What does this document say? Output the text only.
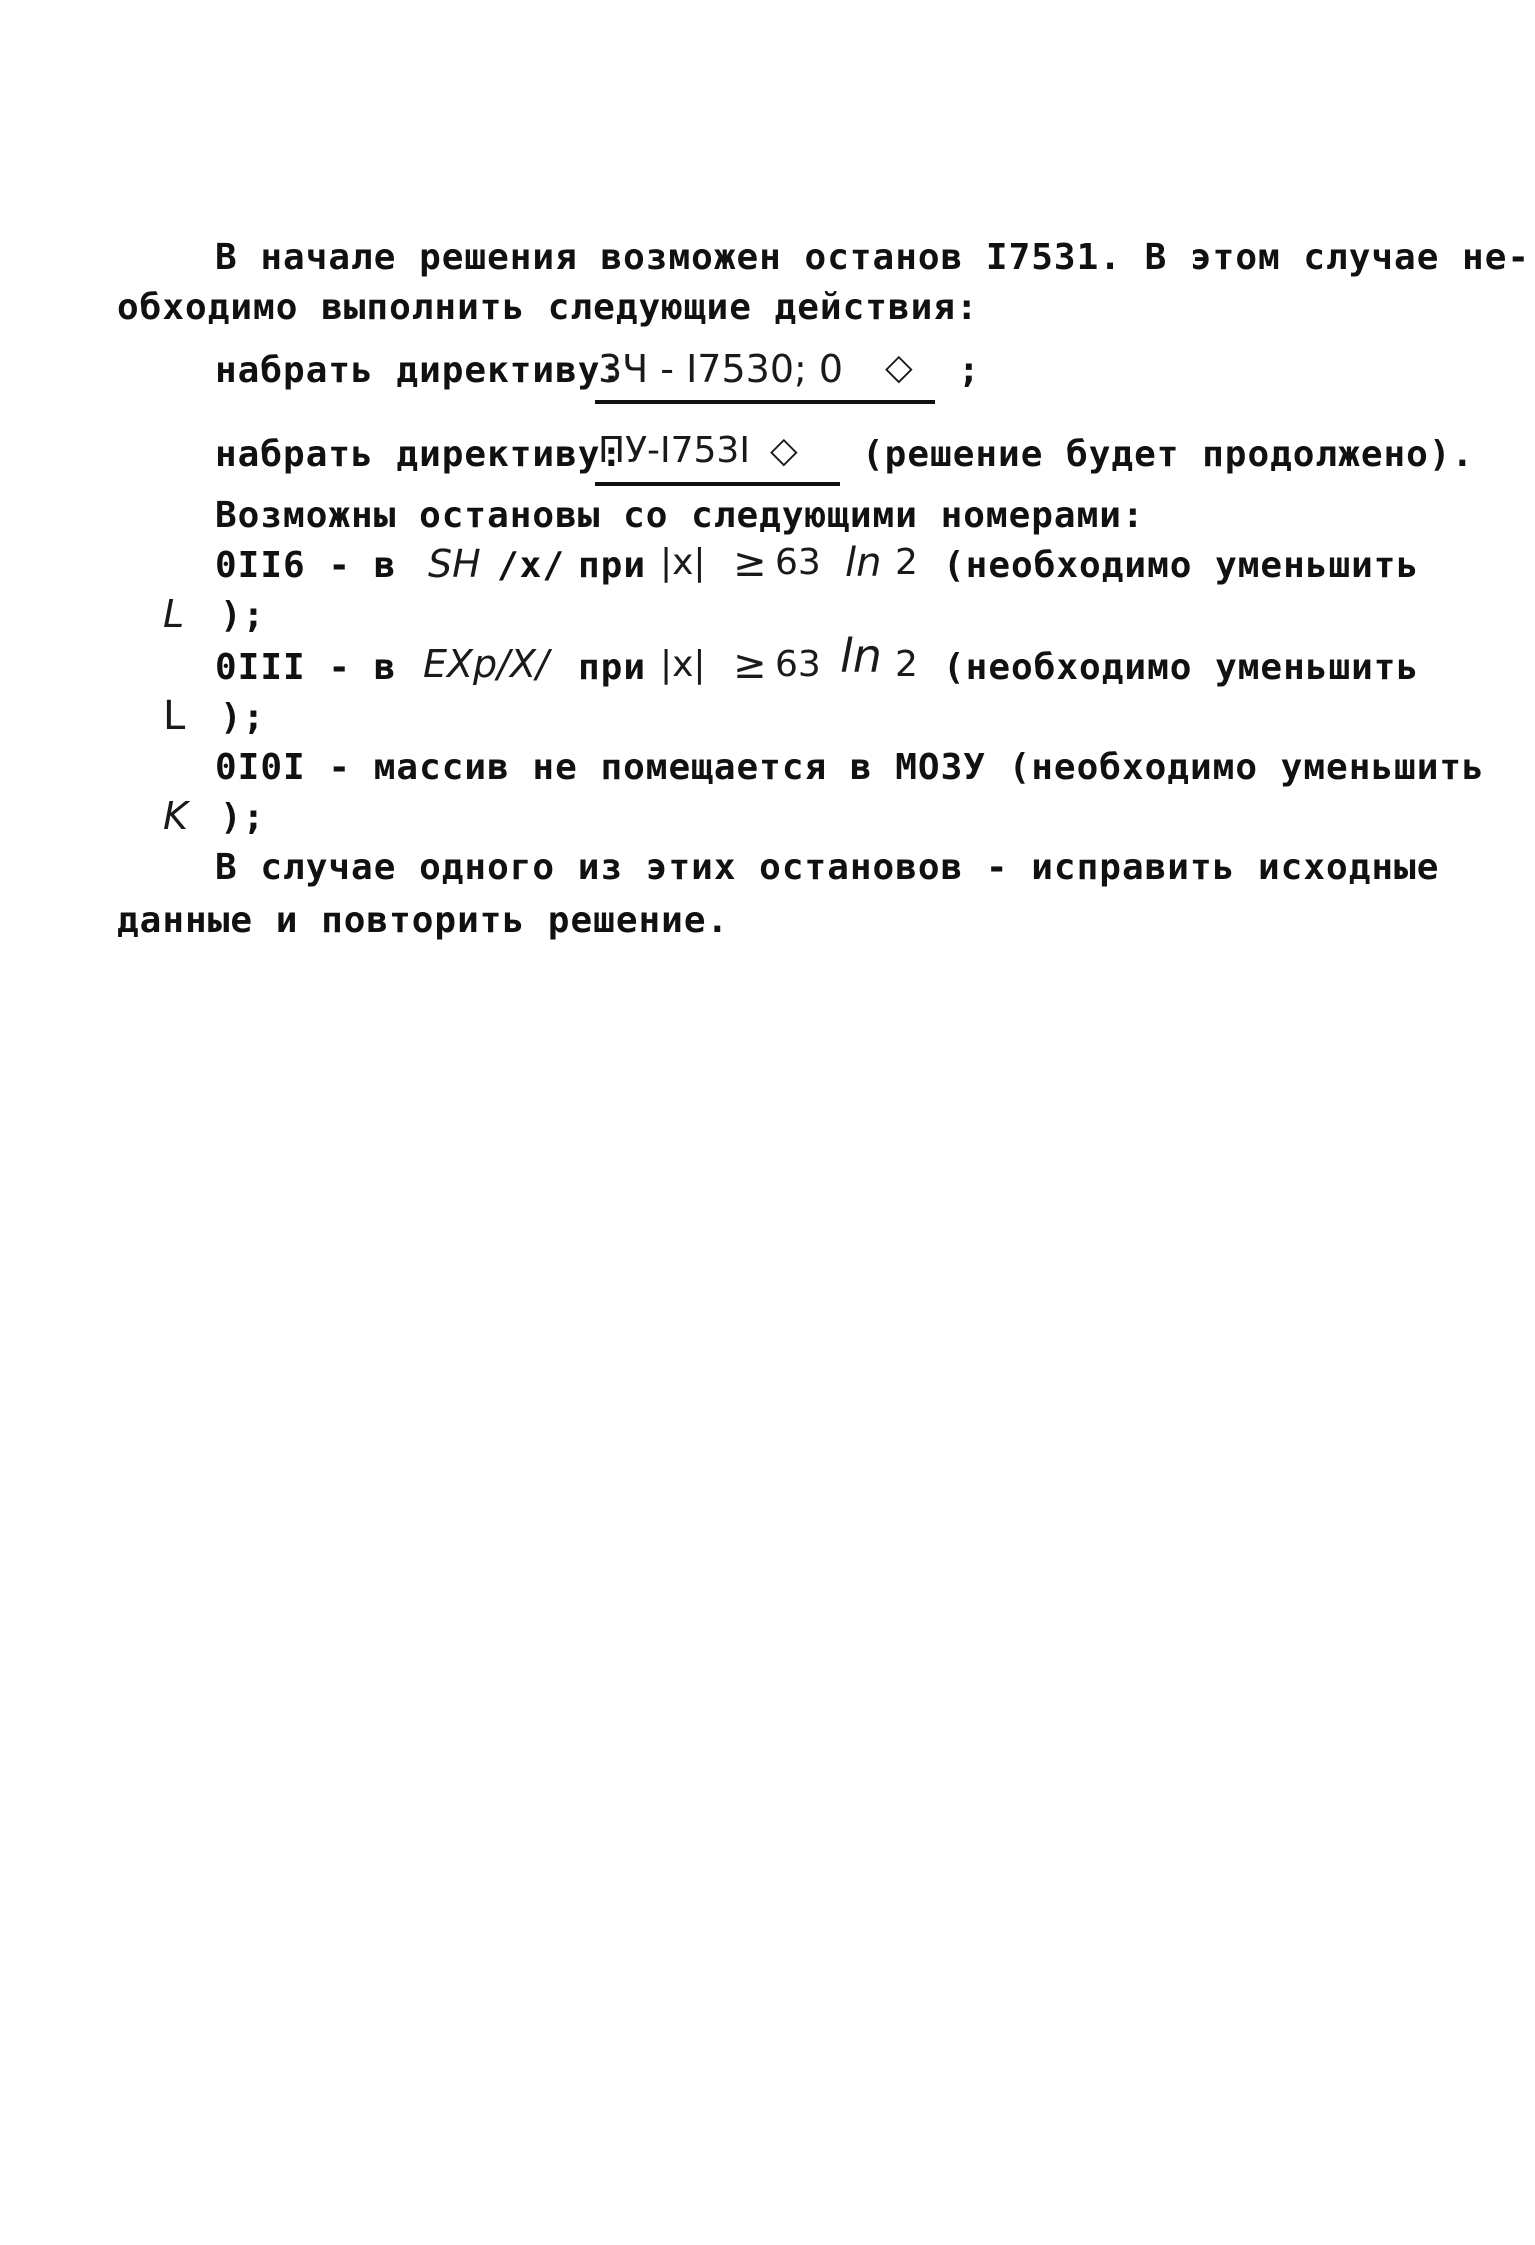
В начале решения возможен останов I7531. В этом случае не-
обходимо выполнить следующие действия:
набрать директиву:
3Ч - I7530; 0 ◇ ;
набрать директиву:
ПУ-I753I ◇ (решение будет продолжено).
Возможны остановы со следующими номерами:
0II6 - в SH /x/ при |x| ≥ 63 ln 2 (необходимо уменьшить
L );
0III - в EXp/X/ при |x| ≥ 63 ln 2 (необходимо уменьшить
L );
0I0I - массив не помещается в МОЗУ (необходимо уменьшить
K );
В случае одного из этих остановов - исправить исходные
данные и повторить решение.
